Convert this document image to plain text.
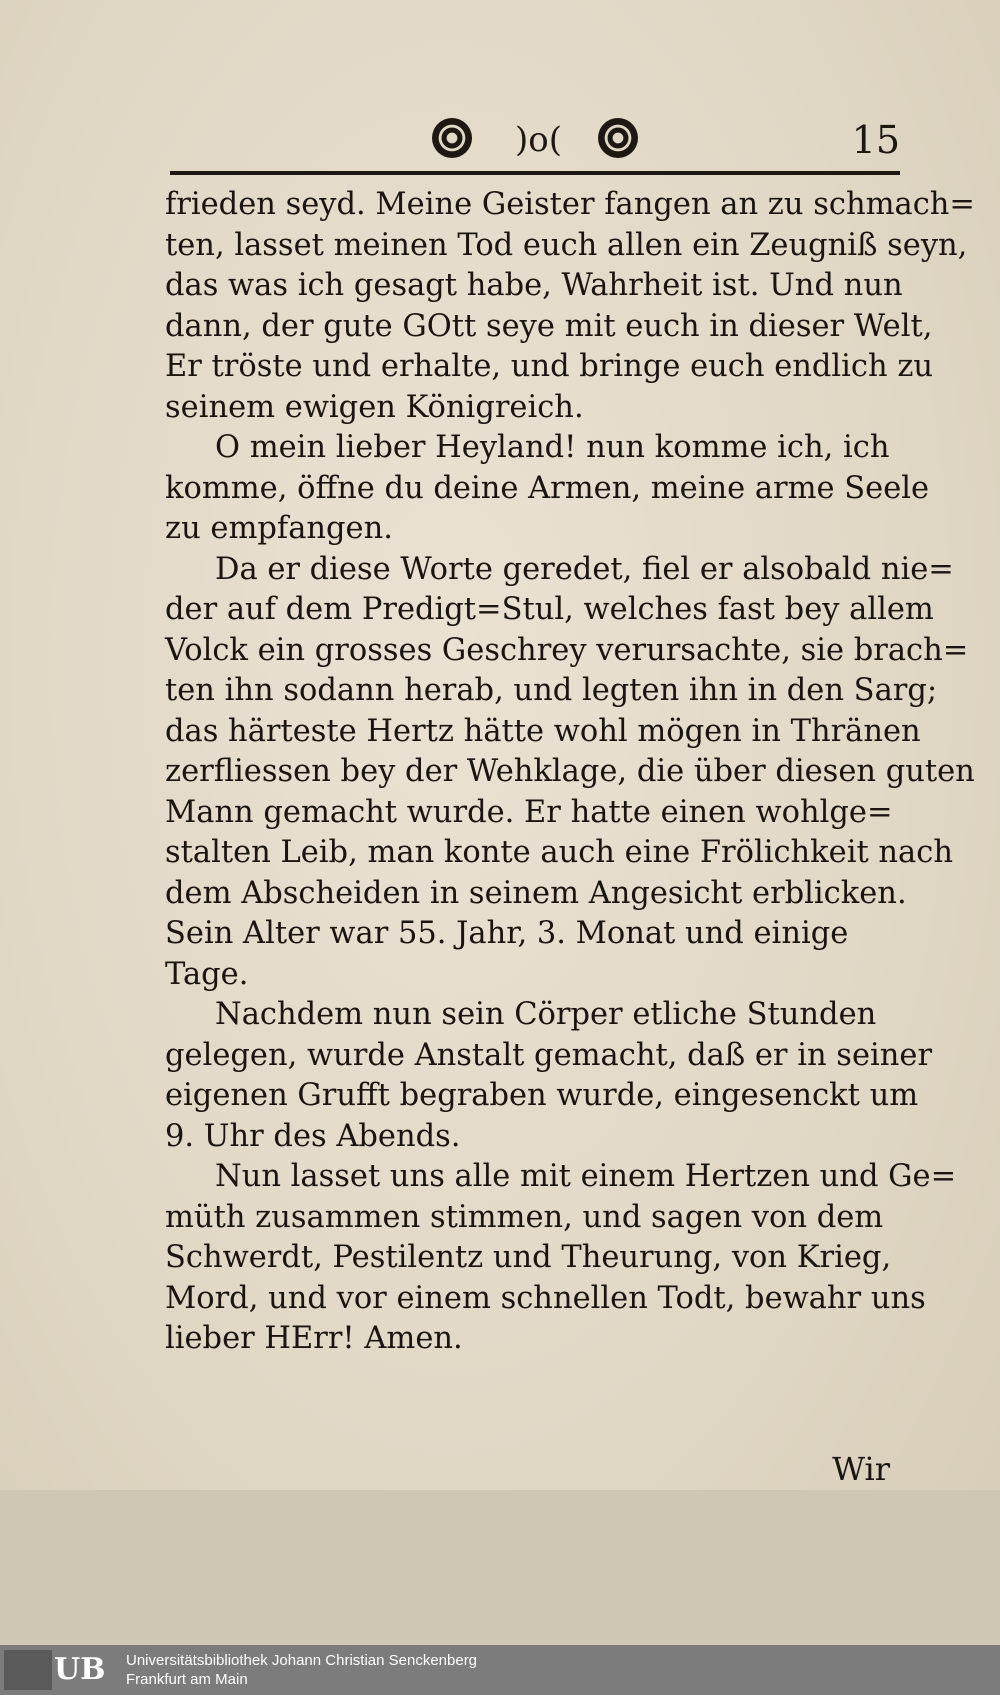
)o(	15
frieden seyd. Meine Geister fangen an zu schmach=
ten, lasset meinen Tod euch allen ein Zeugniß seyn,
das was ich gesagt habe, Wahrheit ist. Und nun
dann, der gute GOtt seye mit euch in dieser Welt,
Er tröste und erhalte, und bringe euch endlich zu
seinem ewigen Königreich.
O mein lieber Heyland! nun komme ich, ich
komme, öffne du deine Armen, meine arme Seele
zu empfangen.
Da er diese Worte geredet, fiel er alsobald nie=
der auf dem Predigt=Stul, welches fast bey allem
Volck ein grosses Geschrey verursachte, sie brach=
ten ihn sodann herab, und legten ihn in den Sarg;
das härteste Hertz hätte wohl mögen in Thränen
zerfliessen bey der Wehklage, die über diesen guten
Mann gemacht wurde. Er hatte einen wohlge=
stalten Leib, man konte auch eine Frölichkeit nach
dem Abscheiden in seinem Angesicht erblicken.
Sein Alter war 55. Jahr, 3. Monat und einige
Tage.
Nachdem nun sein Cörper etliche Stunden
gelegen, wurde Anstalt gemacht, daß er in seiner
eigenen Grufft begraben wurde, eingesenckt um
9. Uhr des Abends.
Nun lasset uns alle mit einem Hertzen und Ge=
müth zusammen stimmen, und sagen von dem
Schwerdt, Pestilentz und Theurung, von Krieg,
Mord, und vor einem schnellen Todt, bewahr uns
lieber HErr! Amen.
Wir
UB	Universitätsbibliothek Johann Christian Senckenberg
Frankfurt am Main
